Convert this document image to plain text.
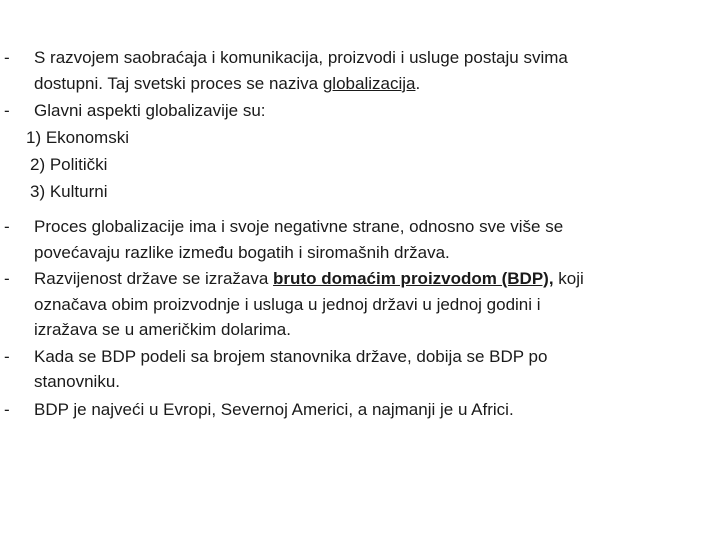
-	S razvojem saobraćaja i komunikacija, proizvodi i usluge postaju svima
dostupni. Taj svetski proces se naziva globalizacija.
-	Glavni aspekti globalizavije su:
1) Ekonomski
2) Politički
3) Kulturni
-	Proces globalizacije ima i svoje negativne strane, odnosno sve više se
povećavaju razlike između bogatih i siromašnih država.
-	Razvijenost države se izražava bruto domaćim proizvodom (BDP), koji
označava obim proizvodnje i usluga u jednoj državi u jednoj godini i
izražava se u američkim dolarima.
-	Kada se BDP podeli sa brojem stanovnika države, dobija se BDP po
stanovniku.
-	BDP je najveći u Evropi, Severnoj Americi, a najmanji je u Africi.
